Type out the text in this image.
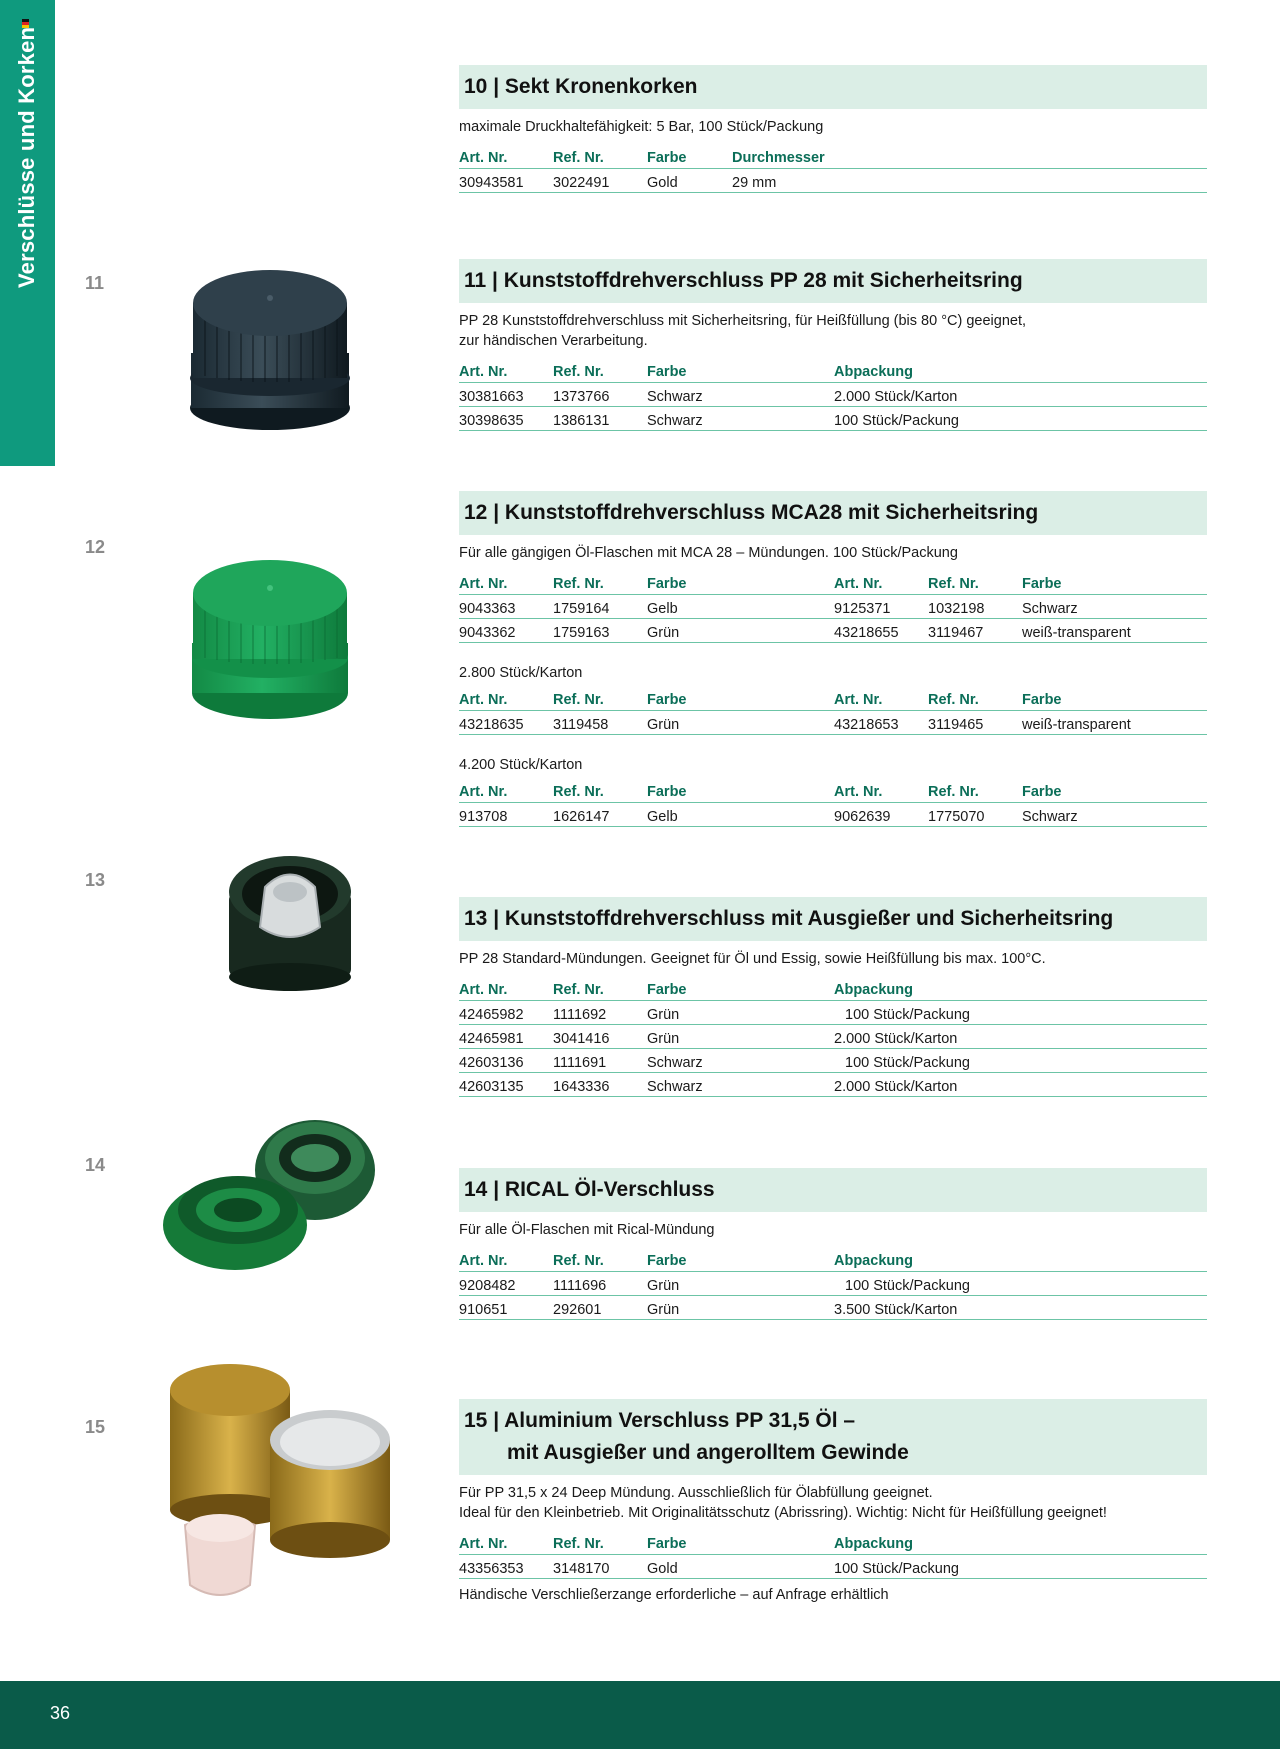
Verschlüsse und Korken	11
12
13
14
15
10 | Sekt Kronenkorken

maximale Druckhaltefähigkeit: 5 Bar, 100 Stück/Packung

Art. Nr.	Ref. Nr.	Farbe	Durchmesser
30943581	3022491	Gold	29 mm
11 | Kunststoffdrehverschluss PP 28 mit Sicherheitsring

PP 28 Kunststoffdrehverschluss mit Sicherheitsring, für Heißfüllung (bis 80 °C) geeignet,
zur händischen Verarbeitung.

Art. Nr.	Ref. Nr.	Farbe	Abpackung
30381663	1373766	Schwarz	2.000 Stück/Karton
30398635	1386131	Schwarz	100 Stück/Packung
12 | Kunststoffdrehverschluss MCA28 mit Sicherheitsring

Für alle gängigen Öl-Flaschen mit MCA 28 – Mündungen. 100 Stück/Packung

Art. Nr.	Ref. Nr.	Farbe	Art. Nr.	Ref. Nr.	Farbe
9043363	1759164	Gelb	9125371	1032198	Schwarz
9043362	1759163	Grün	43218655	3119467	weiß-transparent

2.800 Stück/Karton

Art. Nr.	Ref. Nr.	Farbe	Art. Nr.	Ref. Nr.	Farbe
43218635	3119458	Grün	43218653	3119465	weiß-transparent

4.200 Stück/Karton

Art. Nr.	Ref. Nr.	Farbe	Art. Nr.	Ref. Nr.	Farbe
913708	1626147	Gelb	9062639	1775070	Schwarz
13 | Kunststoffdrehverschluss mit Ausgießer und Sicherheitsring

PP 28 Standard-Mündungen. Geeignet für Öl und Essig, sowie Heißfüllung bis max. 100°C.

Art. Nr.	Ref. Nr.	Farbe	Abpackung
42465982	1111692	Grün	100 Stück/Packung
42465981	3041416	Grün	2.000 Stück/Karton
42603136	1111691	Schwarz	100 Stück/Packung
42603135	1643336	Schwarz	2.000 Stück/Karton
14 | RICAL Öl-Verschluss

Für alle Öl-Flaschen mit Rical-Mündung

Art. Nr.	Ref. Nr.	Farbe	Abpackung
9208482	1111696	Grün	100 Stück/Packung
910651	292601	Grün	3.500 Stück/Karton
15 | Aluminium Verschluss PP 31,5 Öl –
mit Ausgießer und angerolltem Gewinde

Für PP 31,5 x 24 Deep Mündung. Ausschließlich für Ölabfüllung geeignet.
Ideal für den Kleinbetrieb. Mit Originalitätsschutz (Abrissring). Wichtig: Nicht für Heißfüllung geeignet!

Art. Nr.	Ref. Nr.	Farbe	Abpackung
43356353	3148170	Gold	100 Stück/Packung
Händische Verschließerzange erforderliche – auf Anfrage erhältlich
36
